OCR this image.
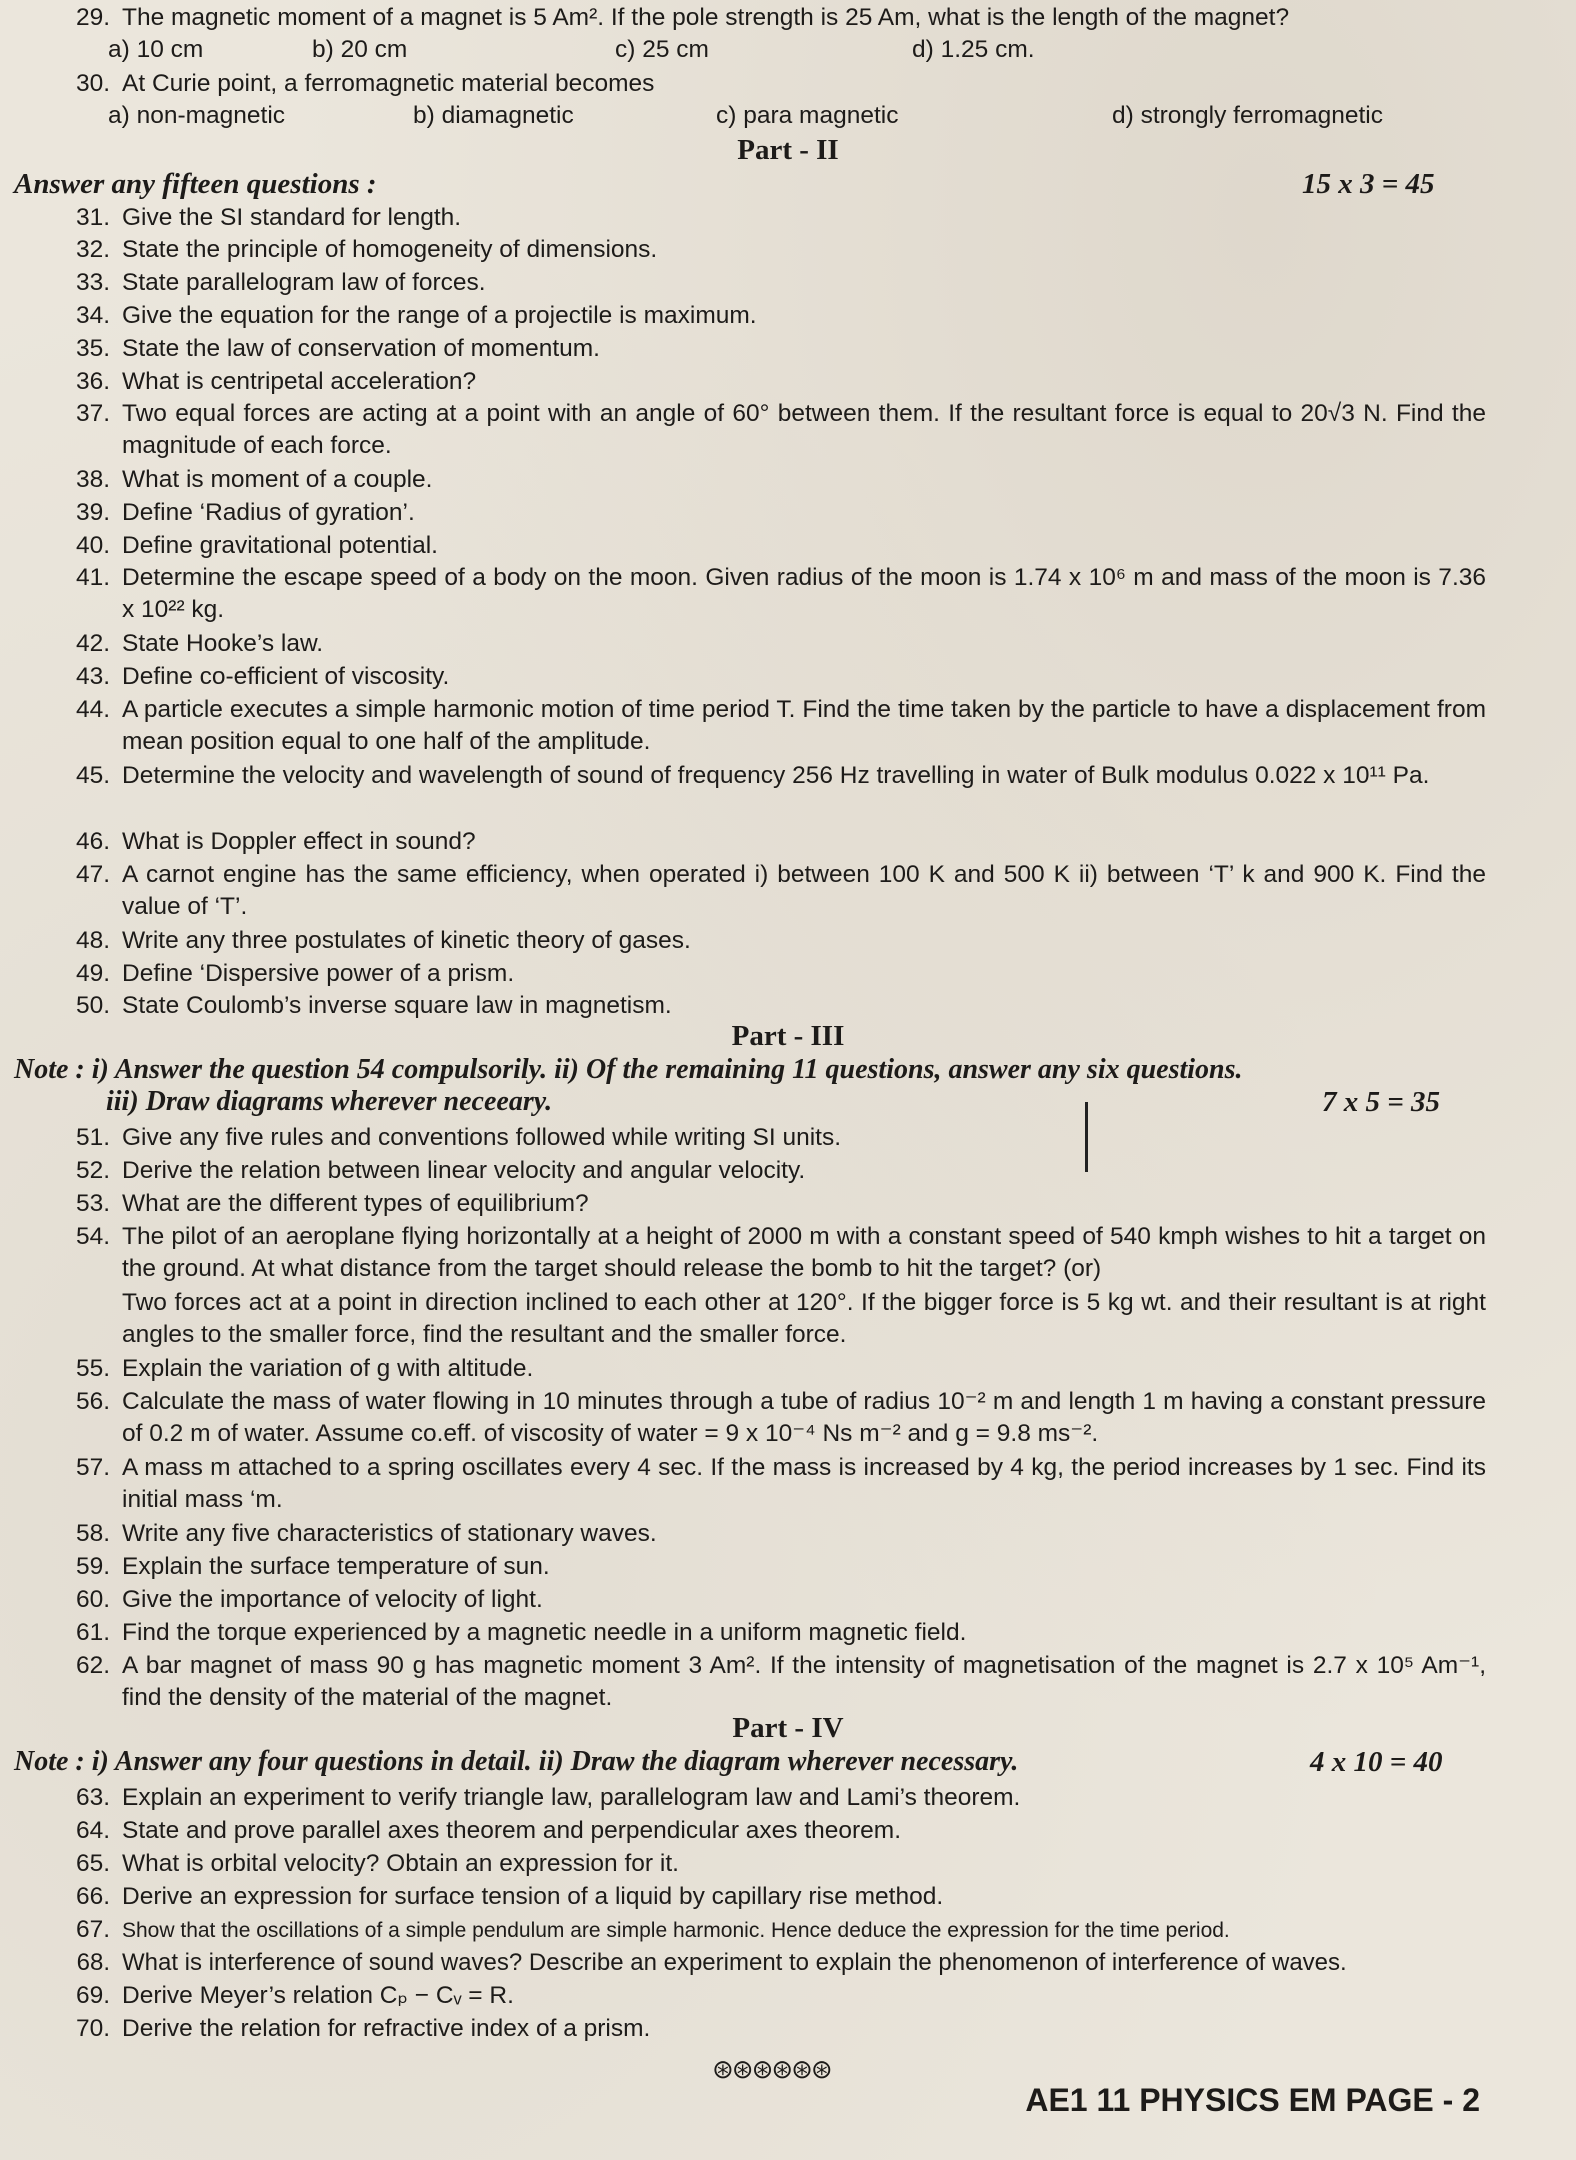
29. The magnetic moment of a magnet is 5 Am². If the pole strength is 25 Am, what is the length of the magnet?
a) 10 cm	b) 20 cm	c) 25 cm	d) 1.25 cm.
30. At Curie point, a ferromagnetic material becomes
a) non-magnetic	b) diamagnetic	c) para magnetic	d) strongly ferromagnetic
Part - II
Answer any fifteen questions :	15 x 3 = 45
31. Give the SI standard for length.
32. State the principle of homogeneity of dimensions.
33. State parallelogram law of forces.
34. Give the equation for the range of a projectile is maximum.
35. State the law of conservation of momentum.
36. What is centripetal acceleration?
37. Two equal forces are acting at a point with an angle of 60° between them. If the resultant force is equal to 20√3 N. Find the magnitude of each force.
38. What is moment of a couple.
39. Define ‘Radius of gyration’.
40. Define gravitational potential.
41. Determine the escape speed of a body on the moon. Given radius of the moon is 1.74 x 10⁶ m and mass of the moon is 7.36 x 10²² kg.
42. State Hooke’s law.
43. Define co-efficient of viscosity.
44. A particle executes a simple harmonic motion of time period T. Find the time taken by the particle to have a displacement from mean position equal to one half of the amplitude.
45. Determine the velocity and wavelength of sound of frequency 256 Hz travelling in water of Bulk modulus 0.022 x 10¹¹ Pa.
46. What is Doppler effect in sound?
47. A carnot engine has the same efficiency, when operated i) between 100 K and 500 K ii) between ‘T’ k and 900 K. Find the value of ‘T’.
48. Write any three postulates of kinetic theory of gases.
49. Define ‘Dispersive power of a prism.
50. State Coulomb’s inverse square law in magnetism.
Part - III
Note : i) Answer the question 54 compulsorily. ii) Of the remaining 11 questions, answer any six questions.
iii) Draw diagrams wherever neceeary.	7 x 5 = 35
51. Give any five rules and conventions followed while writing SI units.
52. Derive the relation between linear velocity and angular velocity.
53. What are the different types of equilibrium?
54. The pilot of an aeroplane flying horizontally at a height of 2000 m with a constant speed of 540 kmph wishes to hit a target on the ground. At what distance from the target should release the bomb to hit the target? (or)
Two forces act at a point in direction inclined to each other at 120°. If the bigger force is 5 kg wt. and their resultant is at right angles to the smaller force, find the resultant and the smaller force.
55. Explain the variation of g with altitude.
56. Calculate the mass of water flowing in 10 minutes through a tube of radius 10⁻² m and length 1 m having a constant pressure of 0.2 m of water. Assume co.eff. of viscosity of water = 9 x 10⁻⁴ Ns m⁻² and g = 9.8 ms⁻².
57. A mass m attached to a spring oscillates every 4 sec. If the mass is increased by 4 kg, the period increases by 1 sec. Find its initial mass ‘m.
58. Write any five characteristics of stationary waves.
59. Explain the surface temperature of sun.
60. Give the importance of velocity of light.
61. Find the torque experienced by a magnetic needle in a uniform magnetic field.
62. A bar magnet of mass 90 g has magnetic moment 3 Am². If the intensity of magnetisation of the magnet is 2.7 x 10⁵ Am⁻¹, find the density of the material of the magnet.
Part - IV
Note : i) Answer any four questions in detail. ii) Draw the diagram wherever necessary.	4 x 10 = 40
63. Explain an experiment to verify triangle law, parallelogram law and Lami’s theorem.
64. State and prove parallel axes theorem and perpendicular axes theorem.
65. What is orbital velocity? Obtain an expression for it.
66. Derive an expression for surface tension of a liquid by capillary rise method.
67. Show that the oscillations of a simple pendulum are simple harmonic. Hence deduce the expression for the time period.
68. What is interference of sound waves? Describe an experiment to explain the phenomenon of interference of waves.
69. Derive Meyer’s relation Cₚ − Cᵥ = R.
70. Derive the relation for refractive index of a prism.
⊛⊛⊛⊛⊛⊛
AE1 11 PHYSICS EM PAGE - 2
